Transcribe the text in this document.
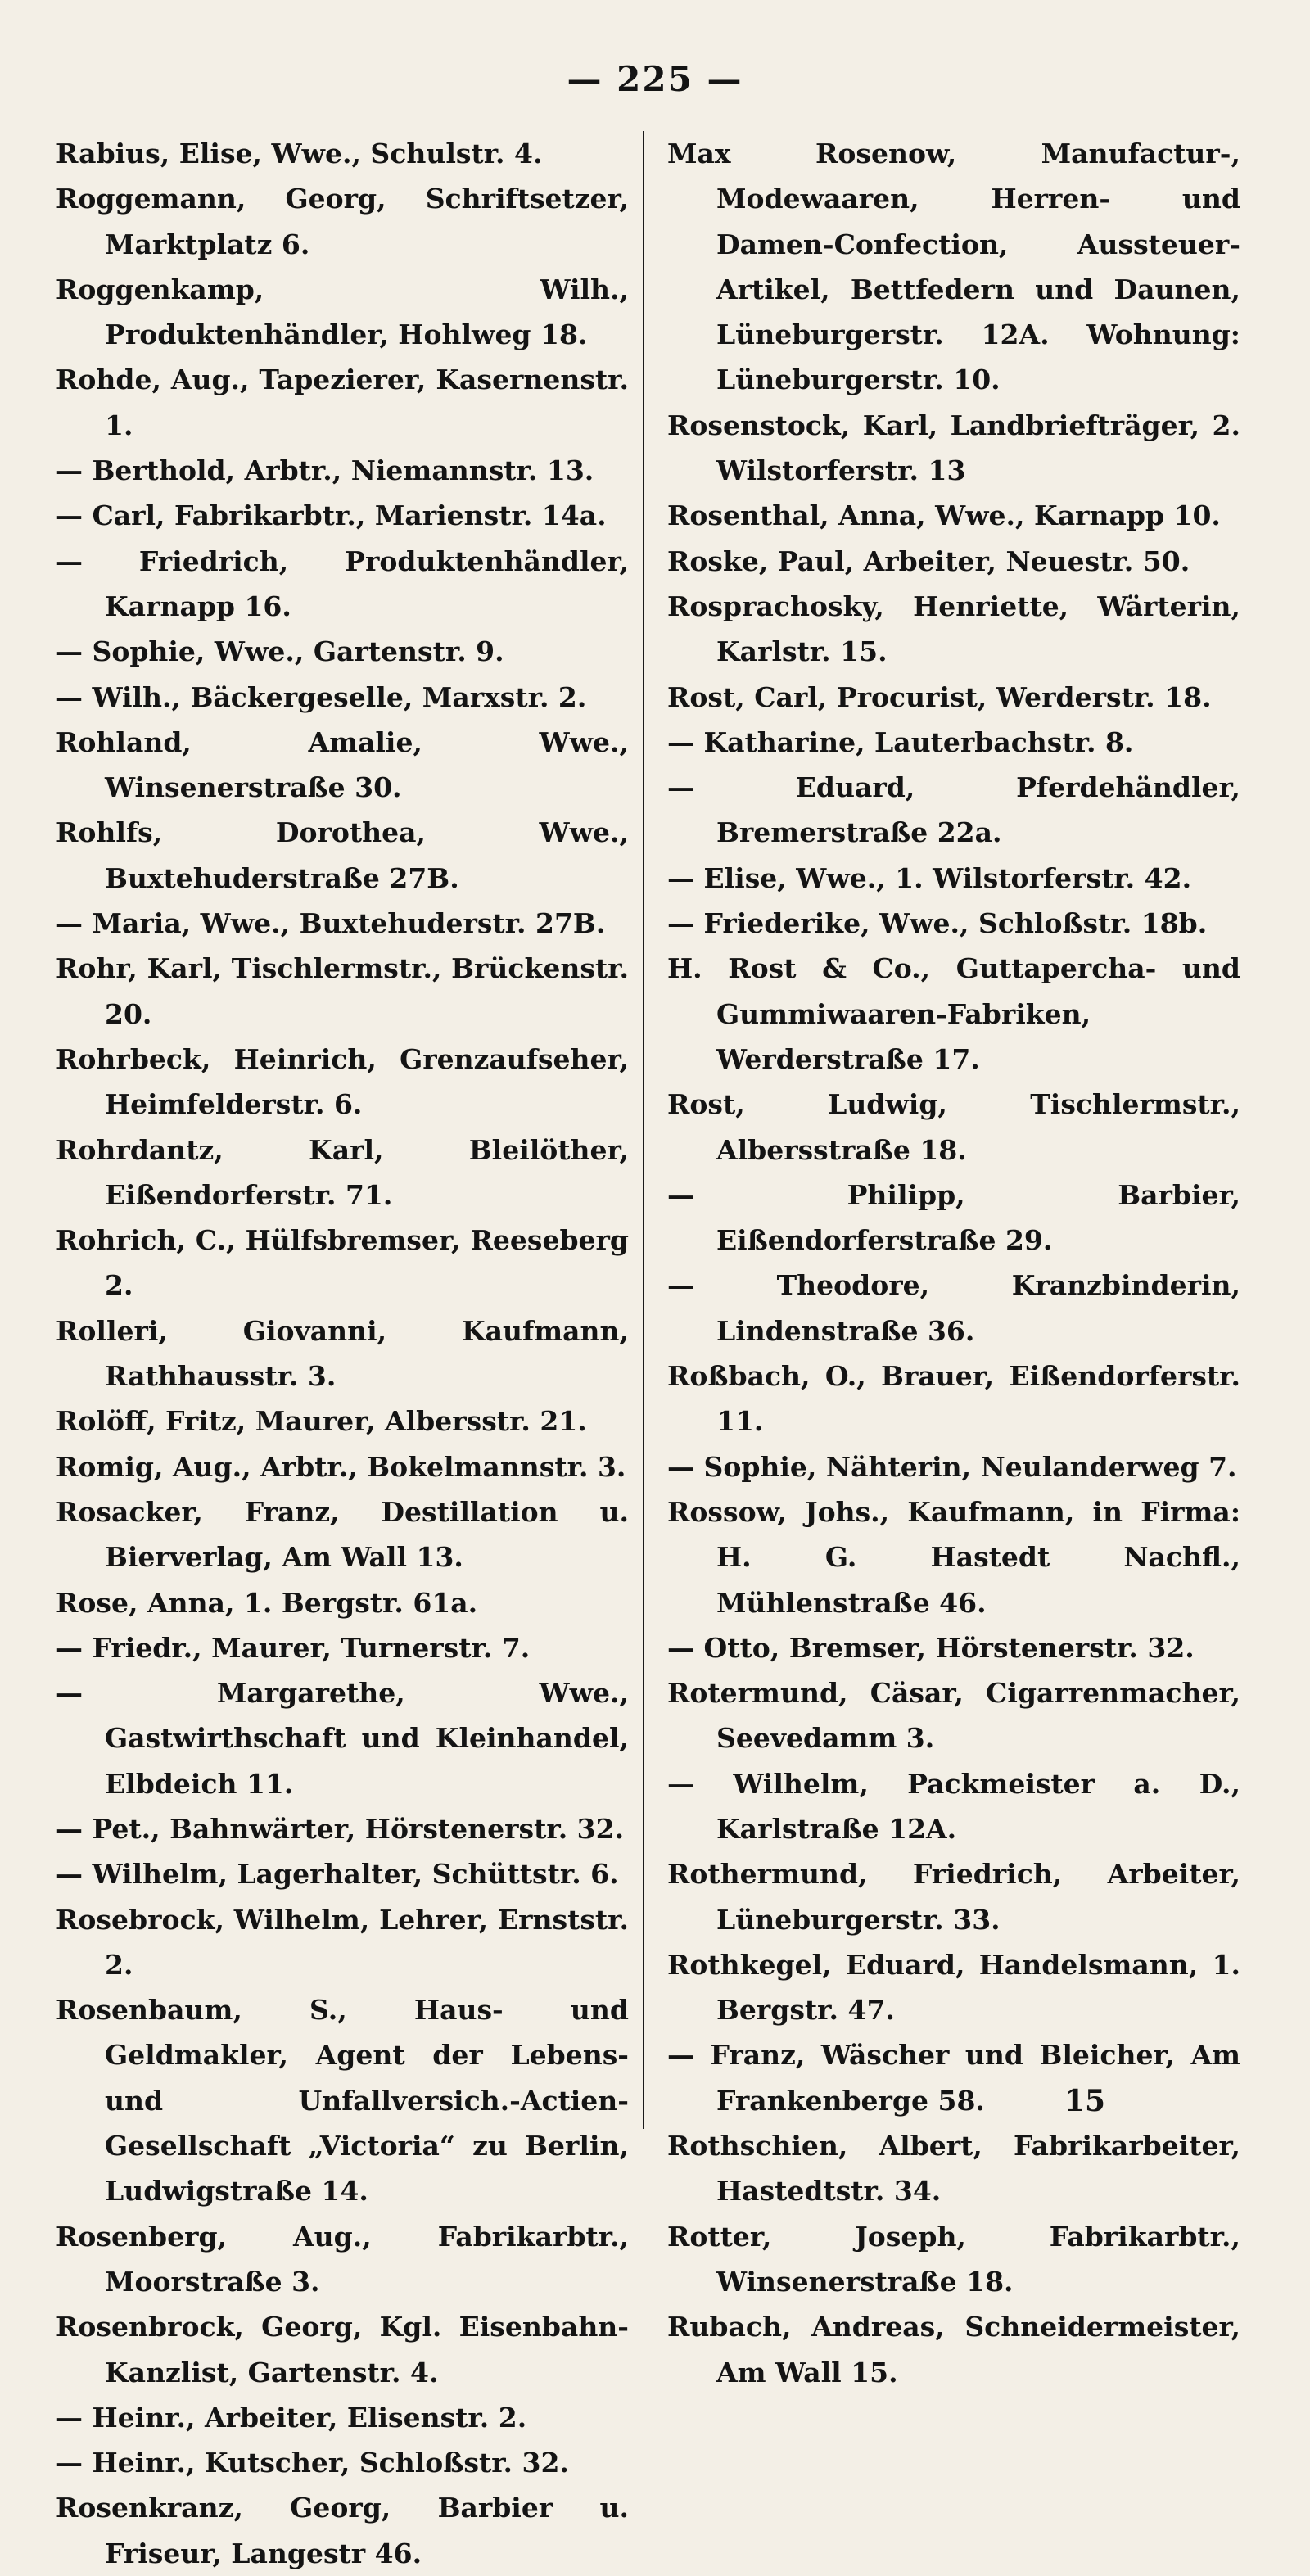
— 225 —
Rabius, Elise, Wwe., Schulstr. 4.
Roggemann, Georg, Schriftsetzer, Marktplatz 6.
Roggenkamp, Wilh., Produktenhändler, Hohlweg 18.
Rohde, Aug., Tapezierer, Kasernenstr. 1.
— Berthold, Arbtr., Niemannstr. 13.
— Carl, Fabrikarbtr., Marienstr. 14a.
— Friedrich, Produktenhändler, Karnapp 16.
— Sophie, Wwe., Gartenstr. 9.
— Wilh., Bäckergeselle, Marxstr. 2.
Rohland, Amalie, Wwe., Winsenerstraße 30.
Rohlfs, Dorothea, Wwe., Buxtehuderstraße 27B.
— Maria, Wwe., Buxtehuderstr. 27B.
Rohr, Karl, Tischlermstr., Brückenstr. 20.
Rohrbeck, Heinrich, Grenzaufseher, Heimfelderstr. 6.
Rohrdantz, Karl, Bleilöther, Eißendorferstr. 71.
Rohrich, C., Hülfsbremser, Reeseberg 2.
Rolleri, Giovanni, Kaufmann, Rathhausstr. 3.
Rolöff, Fritz, Maurer, Albersstr. 21.
Romig, Aug., Arbtr., Bokelmannstr. 3.
Rosacker, Franz, Destillation u. Bierverlag, Am Wall 13.
Rose, Anna, 1. Bergstr. 61a.
— Friedr., Maurer, Turnerstr. 7.
— Margarethe, Wwe., Gastwirthschaft und Kleinhandel, Elbdeich 11.
— Pet., Bahnwärter, Hörstenerstr. 32.
— Wilhelm, Lagerhalter, Schüttstr. 6.
Rosebrock, Wilhelm, Lehrer, Ernststr. 2.
Rosenbaum, S., Haus- und Geldmakler, Agent der Lebens- und Unfallversich.-Actien-Gesellschaft „Victoria“ zu Berlin, Ludwigstraße 14.
Rosenberg, Aug., Fabrikarbtr., Moorstraße 3.
Rosenbrock, Georg, Kgl. Eisenbahn-Kanzlist, Gartenstr. 4.
— Heinr., Arbeiter, Elisenstr. 2.
— Heinr., Kutscher, Schloßstr. 32.
Rosenkranz, Georg, Barbier u. Friseur, Langestr 46.
Max Rosenow, Manufactur-, Modewaaren, Herren- und Damen-Confection, Aussteuer-Artikel, Bettfedern und Daunen, Lüneburgerstr. 12A. Wohnung: Lüneburgerstr. 10.
Rosenstock, Karl, Landbriefträger, 2. Wilstorferstr. 13
Rosenthal, Anna, Wwe., Karnapp 10.
Roske, Paul, Arbeiter, Neuestr. 50.
Rosprachosky, Henriette, Wärterin, Karlstr. 15.
Rost, Carl, Procurist, Werderstr. 18.
— Katharine, Lauterbachstr. 8.
— Eduard, Pferdehändler, Bremerstraße 22a.
— Elise, Wwe., 1. Wilstorferstr. 42.
— Friederike, Wwe., Schloßstr. 18b.
H. Rost & Co., Guttapercha- und Gummiwaaren-Fabriken, Werderstraße 17.
Rost, Ludwig, Tischlermstr., Albersstraße 18.
— Philipp, Barbier, Eißendorferstraße 29.
— Theodore, Kranzbinderin, Lindenstraße 36.
Roßbach, O., Brauer, Eißendorferstr. 11.
— Sophie, Nähterin, Neulanderweg 7.
Rossow, Johs., Kaufmann, in Firma: H. G. Hastedt Nachfl., Mühlenstraße 46.
— Otto, Bremser, Hörstenerstr. 32.
Rotermund, Cäsar, Cigarrenmacher, Seevedamm 3.
— Wilhelm, Packmeister a. D., Karlstraße 12A.
Rothermund, Friedrich, Arbeiter, Lüneburgerstr. 33.
Rothkegel, Eduard, Handelsmann, 1. Bergstr. 47.
— Franz, Wäscher und Bleicher, Am Frankenberge 58.
Rothschien, Albert, Fabrikarbeiter, Hastedtstr. 34.
Rotter, Joseph, Fabrikarbtr., Winsenerstraße 18.
Rubach, Andreas, Schneidermeister, Am Wall 15.
15
